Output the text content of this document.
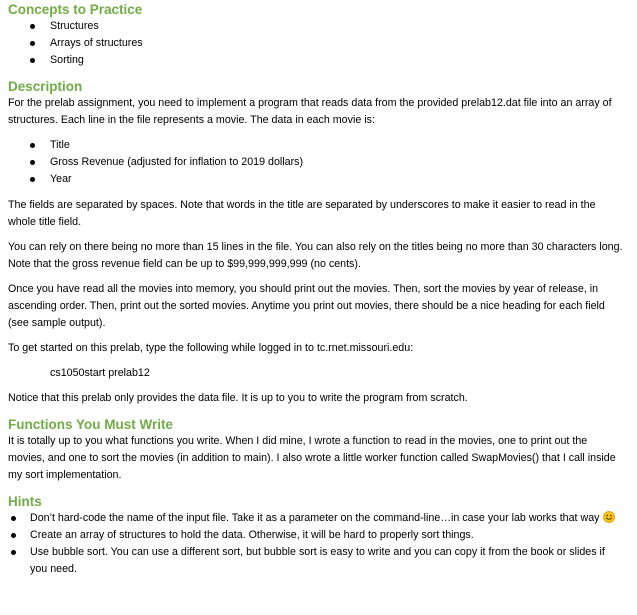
Concepts to Practice
Structures
Arrays of structures
Sorting
Description

For the prelab assignment, you need to implement a program that reads data from the provided prelab12.dat file into an array of structures. Each line in the file represents a movie. The data in each movie is:

Title
Gross Revenue (adjusted for inflation to 2019 dollars)
Year

The fields are separated by spaces. Note that words in the title are separated by underscores to make it easier to read in the whole title field.

You can rely on there being no more than 15 lines in the file. You can also rely on the titles being no more than 30 characters long. Note that the gross revenue field can be up to $99,999,999,999 (no cents).

Once you have read all the movies into memory, you should print out the movies. Then, sort the movies by year of release, in ascending order. Then, print out the sorted movies. Anytime you print out movies, there should be a nice heading for each field (see sample output).

To get started on this prelab, type the following while logged in to tc.rnet.missouri.edu:

cs1050start prelab12

Notice that this prelab only provides the data file. It is up to you to write the program from scratch.

Functions You Must Write

It is totally up to you what functions you write. When I did mine, I wrote a function to read in the movies, one to print out the movies, and one to sort the movies (in addition to main). I also wrote a little worker function called SwapMovies() that I call inside my sort implementation.

Hints
Don’t hard-code the name of the input file. Take it as a parameter on the command-line…in case your lab works that way
Create an array of structures to hold the data. Otherwise, it will be hard to properly sort things.
Use bubble sort. You can use a different sort, but bubble sort is easy to write and you can copy it from the book or slides if you need.
